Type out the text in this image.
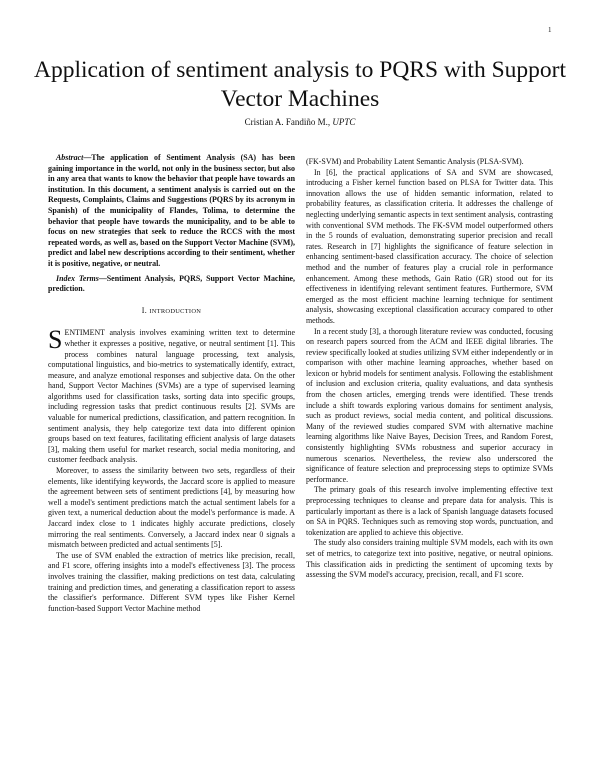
1
Application of sentiment analysis to PQRS with Support Vector Machines
Cristian A. Fandiño M., UPTC

Abstract—The application of Sentiment Analysis (SA) has been gaining importance in the world, not only in the business sector, but also in any area that wants to know the behavior that people have towards an institution. In this document, a sentiment analysis is carried out on the Requests, Complaints, Claims and Suggestions (PQRS by its acronym in Spanish) of the municipality of Flandes, Tolima, to determine the behavior that people have towards the municipality, and to be able to focus on new strategies that seek to reduce the RCCS with the most repeated words, as well as, based on the Support Vector Machine (SVM), predict and label new descriptions according to their sentiment, whether it is positive, negative, or neutral.

Index Terms—Sentiment Analysis, PQRS, Support Vector Machine, prediction.

I. INTRODUCTION

SENTIMENT analysis involves examining written text to determine whether it expresses a positive, negative, or neutral sentiment [1]. This process combines natural language processing, text analysis, computational linguistics, and bio-metrics to systematically identify, extract, measure, and analyze emotional responses and subjective data. On the other hand, Support Vector Machines (SVMs) are a type of supervised learning algorithms used for classification tasks, sorting data into specific groups, including regression tasks that predict continuous results [2]. SVMs are valuable for numerical predictions, classification, and pattern recognition. In sentiment analysis, they help categorize text data into different opinion groups based on text features, facilitating efficient analysis of large datasets [3], making them useful for market research, social media monitoring, and customer feedback analysis.

Moreover, to assess the similarity between two sets, regardless of their elements, like identifying keywords, the Jaccard score is applied to measure the agreement between sets of sentiment predictions [4], by measuring how well a model's sentiment predictions match the actual sentiment labels for a given text, a numerical deduction about the model's performance is made. A Jaccard index close to 1 indicates highly accurate predictions, closely mirroring the real sentiments. Conversely, a Jaccard index near 0 signals a mismatch between predicted and actual sentiments [5].

The use of SVM enabled the extraction of metrics like precision, recall, and F1 score, offering insights into a model's effectiveness [3]. The process involves training the classifier, making predictions on test data, calculating training and prediction times, and generating a classification report to assess the classifier's performance. Different SVM types like Fisher Kernel function-based Support Vector Machine method

(FK-SVM) and Probability Latent Semantic Analysis (PLSA-SVM).

In [6], the practical applications of SA and SVM are showcased, introducing a Fisher kernel function based on PLSA for Twitter data. This innovation allows the use of hidden semantic information, related to probability features, as classification criteria. It addresses the challenge of neglecting underlying semantic aspects in text sentiment analysis, contrasting with conventional SVM methods. The FK-SVM model outperformed others in the 5 rounds of evaluation, demonstrating superior precision and recall rates. Research in [7] highlights the significance of feature selection in enhancing sentiment-based classification accuracy. The choice of selection method and the number of features play a crucial role in performance enhancement. Among these methods, Gain Ratio (GR) stood out for its effectiveness in identifying relevant sentiment features. Furthermore, SVM emerged as the most efficient machine learning technique for sentiment analysis, showcasing exceptional classification accuracy compared to other methods.

In a recent study [3], a thorough literature review was conducted, focusing on research papers sourced from the ACM and IEEE digital libraries. The review specifically looked at studies utilizing SVM either independently or in comparison with other machine learning approaches, whether based on lexicon or hybrid models for sentiment analysis. Following the establishment of inclusion and exclusion criteria, quality evaluations, and data synthesis from the chosen articles, emerging trends were identified. These trends include a shift towards exploring various domains for sentiment analysis, such as product reviews, social media content, and political discussions. Many of the reviewed studies compared SVM with alternative machine learning algorithms like Naive Bayes, Decision Trees, and Random Forest, consistently highlighting SVMs robustness and superior accuracy in numerous scenarios. Nevertheless, the review also underscored the significance of feature selection and preprocessing steps to optimize SVMs performance.

The primary goals of this research involve implementing effective text preprocessing techniques to cleanse and prepare data for analysis. This is particularly important as there is a lack of Spanish language datasets focused on SA in PQRS. Techniques such as removing stop words, punctuation, and tokenization are applied to achieve this objective.

The study also considers training multiple SVM models, each with its own set of metrics, to categorize text into positive, negative, or neutral opinions. This classification aids in predicting the sentiment of upcoming texts by assessing the SVM model's accuracy, precision, recall, and F1 score.
